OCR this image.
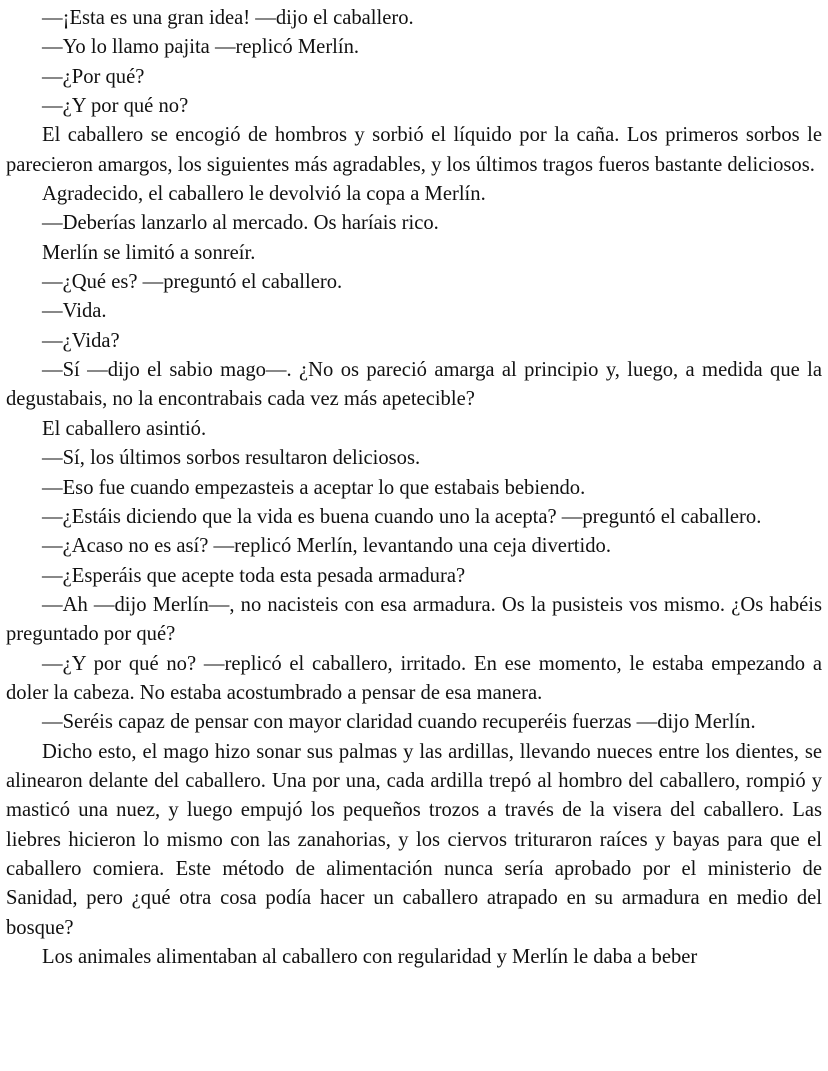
—¡Esta es una gran idea! —dijo el caballero.

—Yo lo llamo pajita —replicó Merlín.

—¿Por qué?

—¿Y por qué no?

El caballero se encogió de hombros y sorbió el líquido por la caña. Los primeros sorbos le parecieron amargos, los siguientes más agradables, y los últimos tragos fueros bastante deliciosos.

Agradecido, el caballero le devolvió la copa a Merlín.

—Deberías lanzarlo al mercado. Os haríais rico.

Merlín se limitó a sonreír.

—¿Qué es? —preguntó el caballero.

—Vida.

—¿Vida?

—Sí —dijo el sabio mago—. ¿No os pareció amarga al principio y, luego, a medida que la degustabais, no la encontrabais cada vez más apetecible?

El caballero asintió.

—Sí, los últimos sorbos resultaron deliciosos.

—Eso fue cuando empezasteis a aceptar lo que estabais bebiendo.

—¿Estáis diciendo que la vida es buena cuando uno la acepta? —preguntó el caballero.

—¿Acaso no es así? —replicó Merlín, levantando una ceja divertido.

—¿Esperáis que acepte toda esta pesada armadura?

—Ah —dijo Merlín—, no nacisteis con esa armadura. Os la pusisteis vos mismo. ¿Os habéis preguntado por qué?

—¿Y por qué no? —replicó el caballero, irritado. En ese momento, le estaba empezando a doler la cabeza. No estaba acostumbrado a pensar de esa manera.

—Seréis capaz de pensar con mayor claridad cuando recuperéis fuerzas —dijo Merlín.

Dicho esto, el mago hizo sonar sus palmas y las ardillas, llevando nueces entre los dientes, se alinearon delante del caballero. Una por una, cada ardilla trepó al hombro del caballero, rompió y masticó una nuez, y luego empujó los pequeños trozos a través de la visera del caballero. Las liebres hicieron lo mismo con las zanahorias, y los ciervos trituraron raíces y bayas para que el caballero comiera. Este método de alimentación nunca sería aprobado por el ministerio de Sanidad, pero ¿qué otra cosa podía hacer un caballero atrapado en su armadura en medio del bosque?

Los animales alimentaban al caballero con regularidad y Merlín le daba a beber
